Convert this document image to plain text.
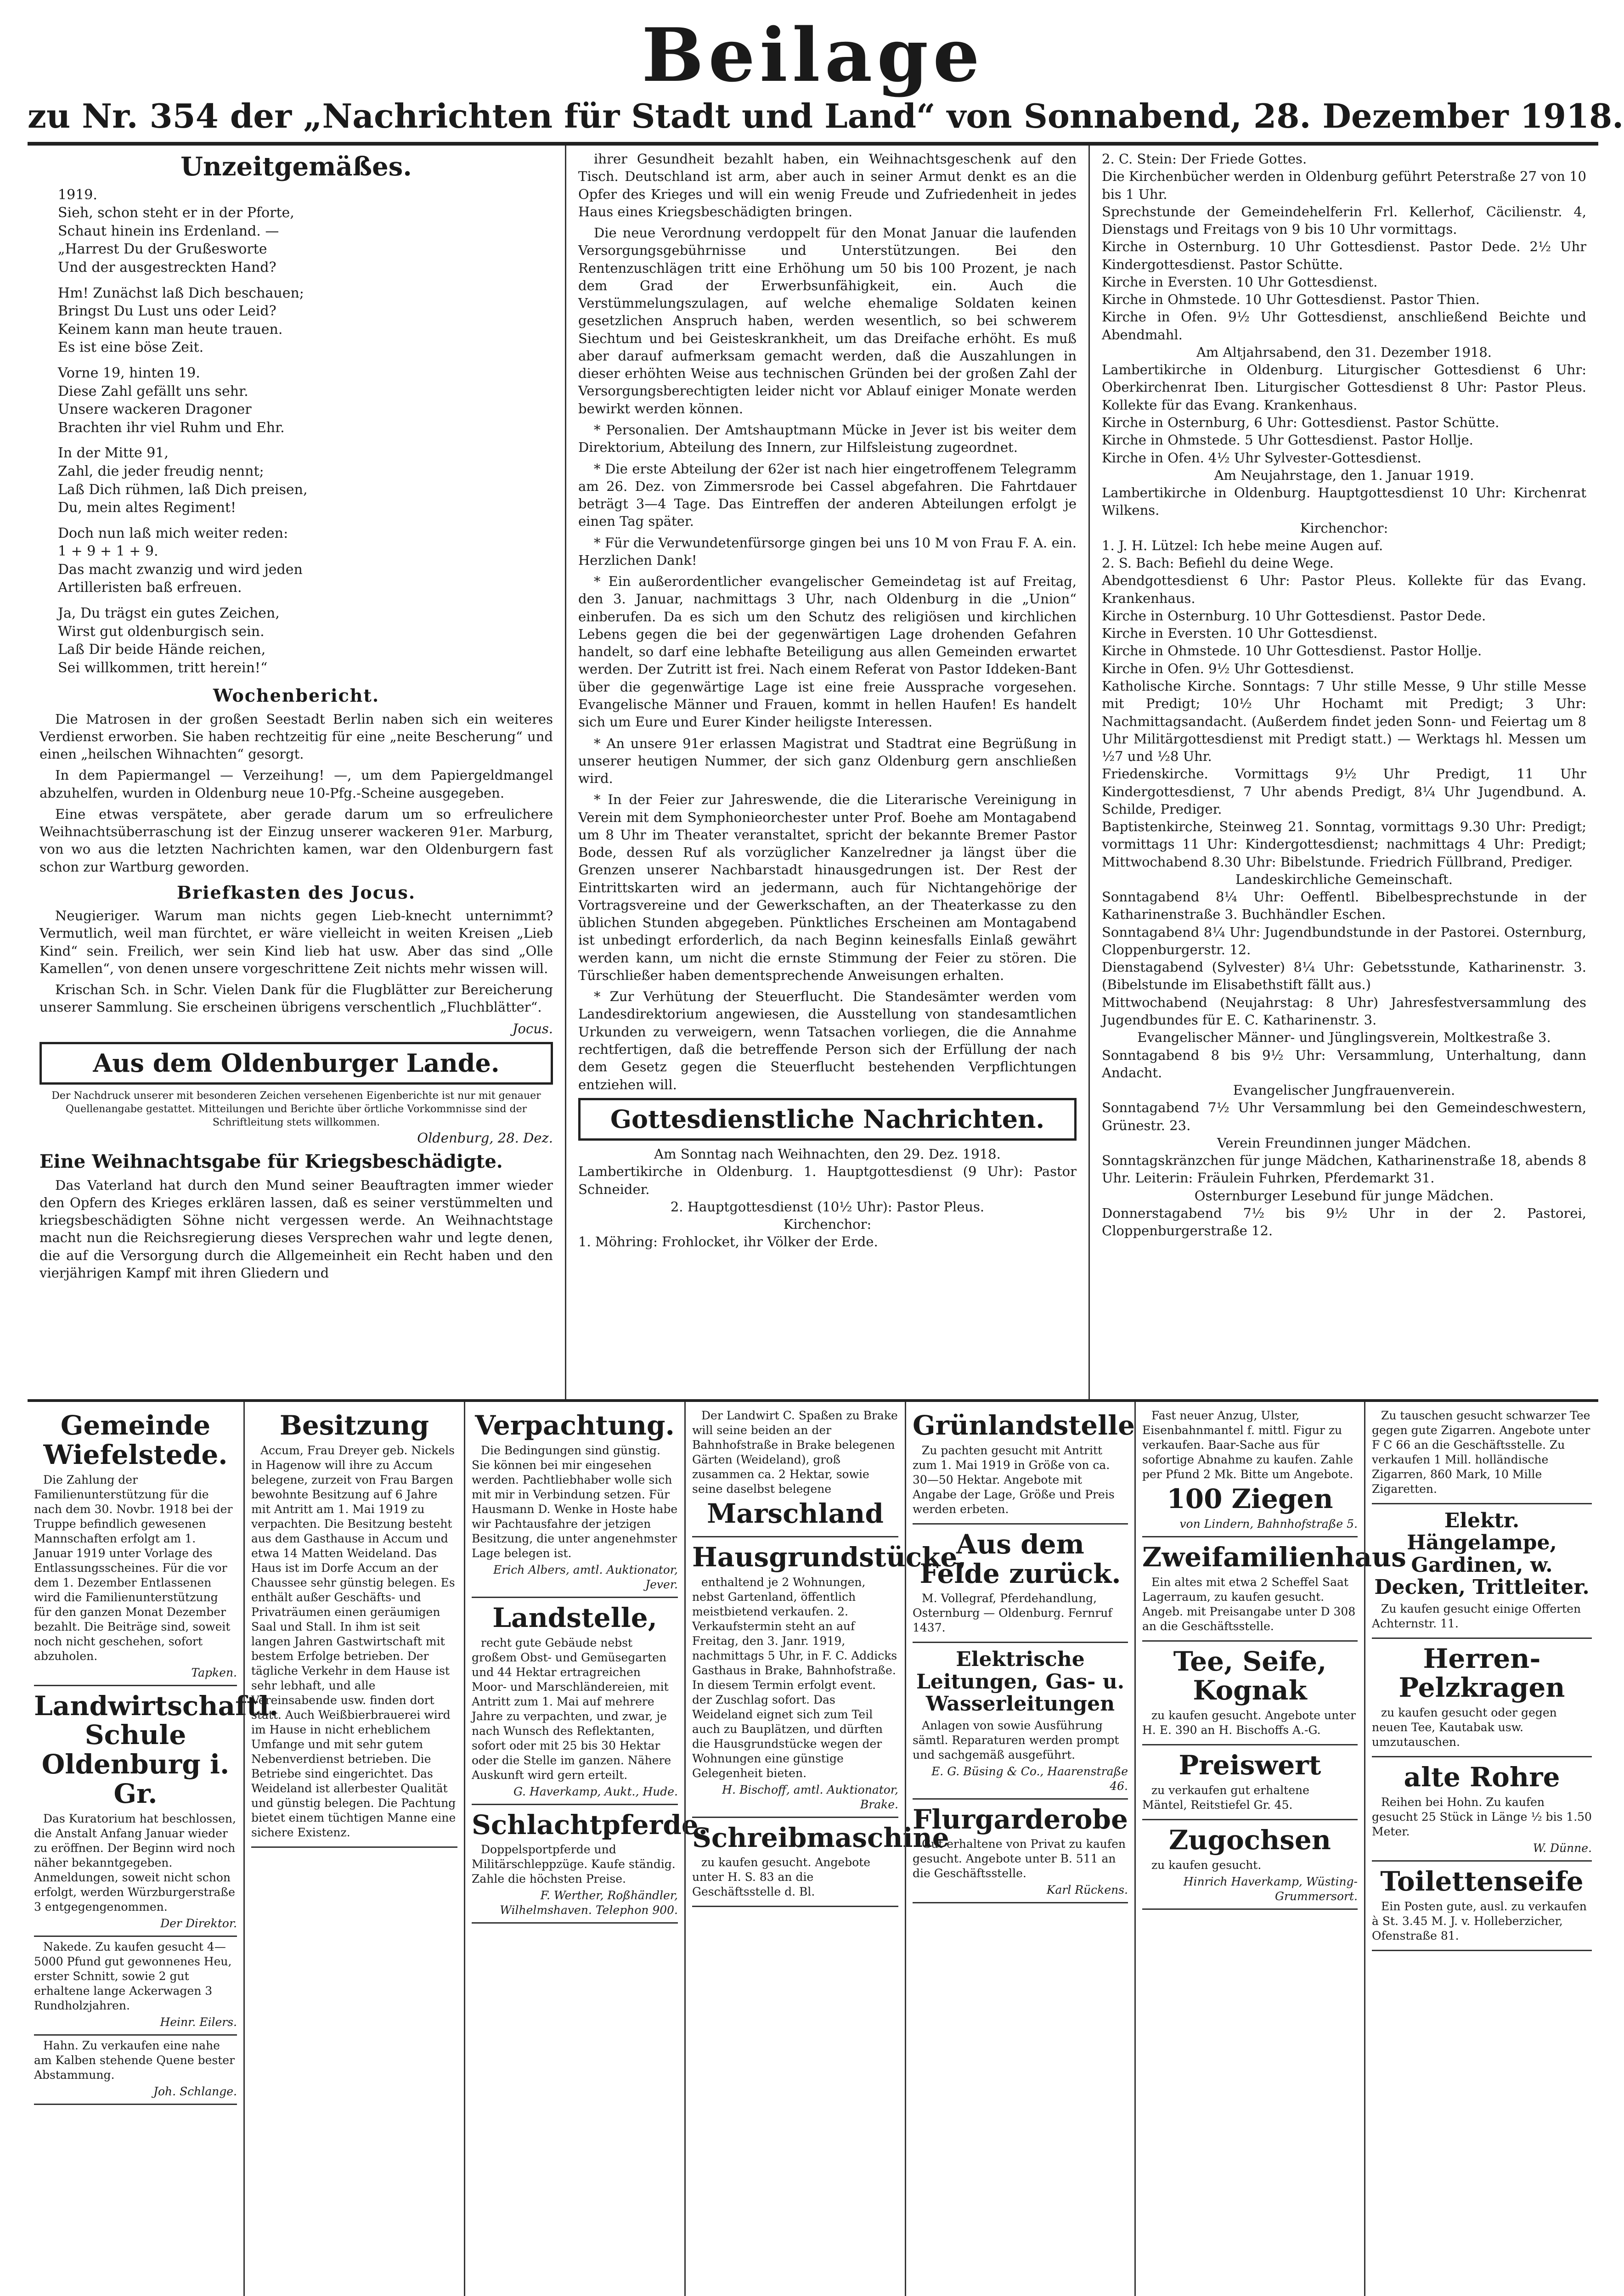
Beilage
zu Nr. 354 der „Nachrichten für Stadt und Land“ von Sonnabend, 28. Dezember 1918.
Unzeitgemäßes.

1919.
Sieh, schon steht er in der Pforte,
Schaut hinein ins Erdenland. —
„Harrest Du der Grußesworte
Und der ausgestreckten Hand?

Hm! Zunächst laß Dich beschauen;
Bringst Du Lust uns oder Leid?
Keinem kann man heute trauen.
Es ist eine böse Zeit.

Vorne 19, hinten 19.
Diese Zahl gefällt uns sehr.
Unsere wackeren Dragoner
Brachten ihr viel Ruhm und Ehr.

In der Mitte 91,
Zahl, die jeder freudig nennt;
Laß Dich rühmen, laß Dich preisen,
Du, mein altes Regiment!

Doch nun laß mich weiter reden:
1 + 9 + 1 + 9.
Das macht zwanzig und wird jeden
Artilleristen baß erfreuen.

Ja, Du trägst ein gutes Zeichen,
Wirst gut oldenburgisch sein.
Laß Dir beide Hände reichen,
Sei willkommen, tritt herein!“

Wochenbericht.

Die Matrosen in der großen Seestadt Berlin naben sich ein weiteres Verdienst erworben. Sie haben rechtzeitig für eine „neite Bescherung“ und einen „heilschen Wihnachten“ gesorgt.

In dem Papiermangel — Verzeihung! —, um dem Papiergeldmangel abzuhelfen, wurden in Oldenburg neue 10-Pfg.-Scheine ausgegeben.

Eine etwas verspätete, aber gerade darum um so erfreulichere Weihnachtsüberraschung ist der Einzug unserer wackeren 91er. Marburg, von wo aus die letzten Nachrichten kamen, war den Oldenburgern fast schon zur Wartburg geworden.

Briefkasten des Jocus.

Neugieriger. Warum man nichts gegen Lieb-knecht unternimmt? Vermutlich, weil man fürchtet, er wäre vielleicht in weiten Kreisen „Lieb Kind“ sein. Freilich, wer sein Kind lieb hat usw. Aber das sind „Olle Kamellen“, von denen unsere vorgeschrittene Zeit nichts mehr wissen will.

Krischan Sch. in Schr. Vielen Dank für die Flugblätter zur Bereicherung unserer Sammlung. Sie erscheinen übrigens verschentlich „Fluchblätter“.

Jocus.

Aus dem Oldenburger Lande.

Der Nachdruck unserer mit besonderen Zeichen versehenen Eigenberichte ist nur mit genauer Quellenangabe gestattet. Mitteilungen und Berichte über örtliche Vorkommnisse sind der Schriftleitung stets willkommen.

Oldenburg, 28. Dez.

Eine Weihnachtsgabe für Kriegsbeschädigte.

Das Vaterland hat durch den Mund seiner Beauftragten immer wieder den Opfern des Krieges erklären lassen, daß es seiner verstümmelten und kriegsbeschädigten Söhne nicht vergessen werde. An Weihnachtstage macht nun die Reichsregierung dieses Versprechen wahr und legte denen, die auf die Versorgung durch die Allgemeinheit ein Recht haben und den vierjährigen Kampf mit ihren Gliedern und

ihrer Gesundheit bezahlt haben, ein Weihnachtsgeschenk auf den Tisch. Deutschland ist arm, aber auch in seiner Armut denkt es an die Opfer des Krieges und will ein wenig Freude und Zufriedenheit in jedes Haus eines Kriegsbeschädigten bringen.

Die neue Verordnung verdoppelt für den Monat Januar die laufenden Versorgungsgebührnisse und Unterstützungen. Bei den Rentenzuschlägen tritt eine Erhöhung um 50 bis 100 Prozent, je nach dem Grad der Erwerbsunfähigkeit, ein. Auch die Verstümmelungszulagen, auf welche ehemalige Soldaten keinen gesetzlichen Anspruch haben, werden wesentlich, so bei schwerem Siechtum und bei Geisteskrankheit, um das Dreifache erhöht. Es muß aber darauf aufmerksam gemacht werden, daß die Auszahlungen in dieser erhöhten Weise aus technischen Gründen bei der großen Zahl der Versorgungsberechtigten leider nicht vor Ablauf einiger Monate werden bewirkt werden können.

* Personalien. Der Amtshauptmann Mücke in Jever ist bis weiter dem Direktorium, Abteilung des Innern, zur Hilfsleistung zugeordnet.

* Die erste Abteilung der 62er ist nach hier eingetroffenem Telegramm am 26. Dez. von Zimmersrode bei Cassel abgefahren. Die Fahrtdauer beträgt 3—4 Tage. Das Eintreffen der anderen Abteilungen erfolgt je einen Tag später.

* Für die Verwundetenfürsorge gingen bei uns 10 M von Frau F. A. ein. Herzlichen Dank!

* Ein außerordentlicher evangelischer Gemeindetag ist auf Freitag, den 3. Januar, nachmittags 3 Uhr, nach Oldenburg in die „Union“ einberufen. Da es sich um den Schutz des religiösen und kirchlichen Lebens gegen die bei der gegenwärtigen Lage drohenden Gefahren handelt, so darf eine lebhafte Beteiligung aus allen Gemeinden erwartet werden. Der Zutritt ist frei. Nach einem Referat von Pastor Iddeken-Bant über die gegenwärtige Lage ist eine freie Aussprache vorgesehen. Evangelische Männer und Frauen, kommt in hellen Haufen! Es handelt sich um Eure und Eurer Kinder heiligste Interessen.

* An unsere 91er erlassen Magistrat und Stadtrat eine Begrüßung in unserer heutigen Nummer, der sich ganz Oldenburg gern anschließen wird.

* In der Feier zur Jahreswende, die die Literarische Vereinigung in Verein mit dem Symphonieorchester unter Prof. Boehe am Montagabend um 8 Uhr im Theater veranstaltet, spricht der bekannte Bremer Pastor Bode, dessen Ruf als vorzüglicher Kanzelredner ja längst über die Grenzen unserer Nachbarstadt hinausgedrungen ist. Der Rest der Eintrittskarten wird an jedermann, auch für Nichtangehörige der Vortragsvereine und der Gewerkschaften, an der Theaterkasse zu den üblichen Stunden abgegeben. Pünktliches Erscheinen am Montagabend ist unbedingt erforderlich, da nach Beginn keinesfalls Einlaß gewährt werden kann, um nicht die ernste Stimmung der Feier zu stören. Die Türschließer haben dementsprechende Anweisungen erhalten.

* Zur Verhütung der Steuerflucht. Die Standesämter werden vom Landesdirektorium angewiesen, die Ausstellung von standesamtlichen Urkunden zu verweigern, wenn Tatsachen vorliegen, die die Annahme rechtfertigen, daß die betreffende Person sich der Erfüllung der nach dem Gesetz gegen die Steuerflucht bestehenden Verpflichtungen entziehen will.

Gottesdienstliche Nachrichten.

Am Sonntag nach Weihnachten, den 29. Dez. 1918.

Lambertikirche in Oldenburg. 1. Hauptgottesdienst (9 Uhr): Pastor Schneider.

2. Hauptgottesdienst (10½ Uhr): Pastor Pleus.

Kirchenchor:

1. Möhring: Frohlocket, ihr Völker der Erde.

2. C. Stein: Der Friede Gottes.

Die Kirchenbücher werden in Oldenburg geführt Peterstraße 27 von 10 bis 1 Uhr.

Sprechstunde der Gemeindehelferin Frl. Kellerhof, Cäcilienstr. 4, Dienstags und Freitags von 9 bis 10 Uhr vormittags.

Kirche in Osternburg. 10 Uhr Gottesdienst. Pastor Dede. 2½ Uhr Kindergottesdienst. Pastor Schütte.

Kirche in Eversten. 10 Uhr Gottesdienst.

Kirche in Ohmstede. 10 Uhr Gottesdienst. Pastor Thien.

Kirche in Ofen. 9½ Uhr Gottesdienst, anschließend Beichte und Abendmahl.

Am Altjahrsabend, den 31. Dezember 1918.

Lambertikirche in Oldenburg. Liturgischer Gottesdienst 6 Uhr: Oberkirchenrat Iben. Liturgischer Gottesdienst 8 Uhr: Pastor Pleus. Kollekte für das Evang. Krankenhaus.

Kirche in Osternburg, 6 Uhr: Gottesdienst. Pastor Schütte.

Kirche in Ohmstede. 5 Uhr Gottesdienst. Pastor Hollje.

Kirche in Ofen. 4½ Uhr Sylvester-Gottesdienst.

Am Neujahrstage, den 1. Januar 1919.

Lambertikirche in Oldenburg. Hauptgottesdienst 10 Uhr: Kirchenrat Wilkens.

Kirchenchor:

1. J. H. Lützel: Ich hebe meine Augen auf.

2. S. Bach: Befiehl du deine Wege.

Abendgottesdienst 6 Uhr: Pastor Pleus. Kollekte für das Evang. Krankenhaus.

Kirche in Osternburg. 10 Uhr Gottesdienst. Pastor Dede.

Kirche in Eversten. 10 Uhr Gottesdienst.

Kirche in Ohmstede. 10 Uhr Gottesdienst. Pastor Hollje.

Kirche in Ofen. 9½ Uhr Gottesdienst.

Katholische Kirche. Sonntags: 7 Uhr stille Messe, 9 Uhr stille Messe mit Predigt; 10½ Uhr Hochamt mit Predigt; 3 Uhr: Nachmittagsandacht. (Außerdem findet jeden Sonn- und Feiertag um 8 Uhr Militärgottesdienst mit Predigt statt.) — Werktags hl. Messen um ½7 und ½8 Uhr.

Friedenskirche. Vormittags 9½ Uhr Predigt, 11 Uhr Kindergottesdienst, 7 Uhr abends Predigt, 8¼ Uhr Jugendbund. A. Schilde, Prediger.

Baptistenkirche, Steinweg 21. Sonntag, vormittags 9.30 Uhr: Predigt; vormittags 11 Uhr: Kindergottesdienst; nachmittags 4 Uhr: Predigt; Mittwochabend 8.30 Uhr: Bibelstunde. Friedrich Füllbrand, Prediger.

Landeskirchliche Gemeinschaft.

Sonntagabend 8¼ Uhr: Oeffentl. Bibelbesprechstunde in der Katharinenstraße 3. Buchhändler Eschen.

Sonntagabend 8¼ Uhr: Jugendbundstunde in der Pastorei. Osternburg, Cloppenburgerstr. 12.

Dienstagabend (Sylvester) 8¼ Uhr: Gebetsstunde, Katharinenstr. 3. (Bibelstunde im Elisabethstift fällt aus.)

Mittwochabend (Neujahrstag: 8 Uhr) Jahresfestversammlung des Jugendbundes für E. C. Katharinenstr. 3.

Evangelischer Männer- und Jünglingsverein, Moltkestraße 3.

Sonntagabend 8 bis 9½ Uhr: Versammlung, Unterhaltung, dann Andacht.

Evangelischer Jungfrauenverein.

Sonntagabend 7½ Uhr Versammlung bei den Gemeindeschwestern, Grünestr. 23.

Verein Freundinnen junger Mädchen.

Sonntagskränzchen für junge Mädchen, Katharinenstraße 18, abends 8 Uhr. Leiterin: Fräulein Fuhrken, Pferdemarkt 31.

Osternburger Lesebund für junge Mädchen.

Donnerstagabend 7½ bis 9½ Uhr in der 2. Pastorei, Cloppenburgerstraße 12.

Gemeinde Wiefelstede.

Die Zahlung der Familienunterstützung für die nach dem 30. Novbr. 1918 bei der Truppe befindlich gewesenen Mannschaften erfolgt am 1. Januar 1919 unter Vorlage des Entlassungsscheines. Für die vor dem 1. Dezember Entlassenen wird die Familienunterstützung für den ganzen Monat Dezember bezahlt. Die Beiträge sind, soweit noch nicht geschehen, sofort abzuholen.

Tapken.

Landwirtschaftl. Schule Oldenburg i. Gr.

Das Kuratorium hat beschlossen, die Anstalt Anfang Januar wieder zu eröffnen. Der Beginn wird noch näher bekanntgegeben. Anmeldungen, soweit nicht schon erfolgt, werden Würzburgerstraße 3 entgegengenommen.

Der Direktor.

Nakede. Zu kaufen gesucht 4—5000 Pfund gut gewonnenes Heu, erster Schnitt, sowie 2 gut erhaltene lange Ackerwagen 3 Rundholzjahren.

Heinr. Eilers.

Hahn. Zu verkaufen eine nahe am Kalben stehende Quene bester Abstammung.

Joh. Schlange.

Besitzung

Accum, Frau Dreyer geb. Nickels in Hagenow will ihre zu Accum belegene, zurzeit von Frau Bargen bewohnte Besitzung auf 6 Jahre mit Antritt am 1. Mai 1919 zu verpachten. Die Besitzung besteht aus dem Gasthause in Accum und etwa 14 Matten Weideland. Das Haus ist im Dorfe Accum an der Chaussee sehr günstig belegen. Es enthält außer Geschäfts- und Privaträumen einen geräumigen Saal und Stall. In ihm ist seit langen Jahren Gastwirtschaft mit bestem Erfolge betrieben. Der tägliche Verkehr in dem Hause ist sehr lebhaft, und alle Vereinsabende usw. finden dort statt. Auch Weißbierbrauerei wird im Hause in nicht erheblichem Umfange und mit sehr gutem Nebenverdienst betrieben. Die Betriebe sind eingerichtet. Das Weideland ist allerbester Qualität und günstig belegen. Die Pachtung bietet einem tüchtigen Manne eine sichere Existenz.

Verpachtung.

Die Bedingungen sind günstig. Sie können bei mir eingesehen werden. Pachtliebhaber wolle sich mit mir in Verbindung setzen. Für Hausmann D. Wenke in Hoste habe wir Pachtausfahre der jetzigen Besitzung, die unter angenehmster Lage belegen ist.

Erich Albers, amtl. Auktionator, Jever.

Landstelle,

recht gute Gebäude nebst großem Obst- und Gemüsegarten und 44 Hektar ertragreichen Moor- und Marschländereien, mit Antritt zum 1. Mai auf mehrere Jahre zu verpachten, und zwar, je nach Wunsch des Reflektanten, sofort oder mit 25 bis 30 Hektar oder die Stelle im ganzen. Nähere Auskunft wird gern erteilt.

G. Haverkamp, Aukt., Hude.

Schlachtpferde.

Doppelsportpferde und Militärschleppzüge. Kaufe ständig. Zahle die höchsten Preise.

F. Werther, Roßhändler, Wilhelmshaven. Telephon 900.

Der Landwirt C. Spaßen zu Brake will seine beiden an der Bahnhofstraße in Brake belegenen Gärten (Weideland), groß zusammen ca. 2 Hektar, sowie seine daselbst belegene

Marschland
Hausgrundstücke,

enthaltend je 2 Wohnungen, nebst Gartenland, öffentlich meistbietend verkaufen. 2. Verkaufstermin steht an auf Freitag, den 3. Janr. 1919, nachmittags 5 Uhr, in F. C. Addicks Gasthaus in Brake, Bahnhofstraße. In diesem Termin erfolgt event. der Zuschlag sofort. Das Weideland eignet sich zum Teil auch zu Bauplätzen, und dürften die Hausgrundstücke wegen der Wohnungen eine günstige Gelegenheit bieten.

H. Bischoff, amtl. Auktionator, Brake.

Schreibmaschine

zu kaufen gesucht. Angebote unter H. S. 83 an die Geschäftsstelle d. Bl.

Grünlandstelle

Zu pachten gesucht mit Antritt zum 1. Mai 1919 in Größe von ca. 30—50 Hektar. Angebote mit Angabe der Lage, Größe und Preis werden erbeten.

Aus dem Felde zurück.

M. Vollegraf, Pferdehandlung, Osternburg — Oldenburg. Fernruf 1437.

Elektrische Leitungen, Gas- u. Wasserleitungen

Anlagen von sowie Ausführung sämtl. Reparaturen werden prompt und sachgemäß ausgeführt.

E. G. Büsing & Co., Haarenstraße 46.

Flurgarderobe

Gut erhaltene von Privat zu kaufen gesucht. Angebote unter B. 511 an die Geschäftsstelle.

Karl Rückens.

Fast neuer Anzug, Ulster, Eisenbahnmantel f. mittl. Figur zu verkaufen. Baar-Sache aus für sofortige Abnahme zu kaufen. Zahle per Pfund 2 Mk. Bitte um Angebote.

100 Ziegen

von Lindern, Bahnhofstraße 5.

Zweifamilienhaus

Ein altes mit etwa 2 Scheffel Saat Lagerraum, zu kaufen gesucht. Angeb. mit Preisangabe unter D 308 an die Geschäftsstelle.

Tee, Seife, Kognak

zu kaufen gesucht. Angebote unter H. E. 390 an H. Bischoffs A.-G.

Preiswert

zu verkaufen gut erhaltene Mäntel, Reitstiefel Gr. 45.

Zugochsen

zu kaufen gesucht.

Hinrich Haverkamp, Wüsting-Grummersort.

Zu tauschen gesucht schwarzer Tee gegen gute Zigarren. Angebote unter F C 66 an die Geschäftsstelle. Zu verkaufen 1 Mill. holländische Zigarren, 860 Mark, 10 Mille Zigaretten.

Elektr. Hängelampe, Gardinen, w. Decken, Trittleiter.

Zu kaufen gesucht einige Offerten Achternstr. 11.

Herren-Pelzkragen

zu kaufen gesucht oder gegen neuen Tee, Kautabak usw. umzutauschen.

alte Rohre

Reihen bei Hohn. Zu kaufen gesucht 25 Stück in Länge ½ bis 1.50 Meter.

W. Dünne.

Toilettenseife

Ein Posten gute, ausl. zu verkaufen à St. 3.45 M. J. v. Holleberzicher, Ofenstraße 81.
